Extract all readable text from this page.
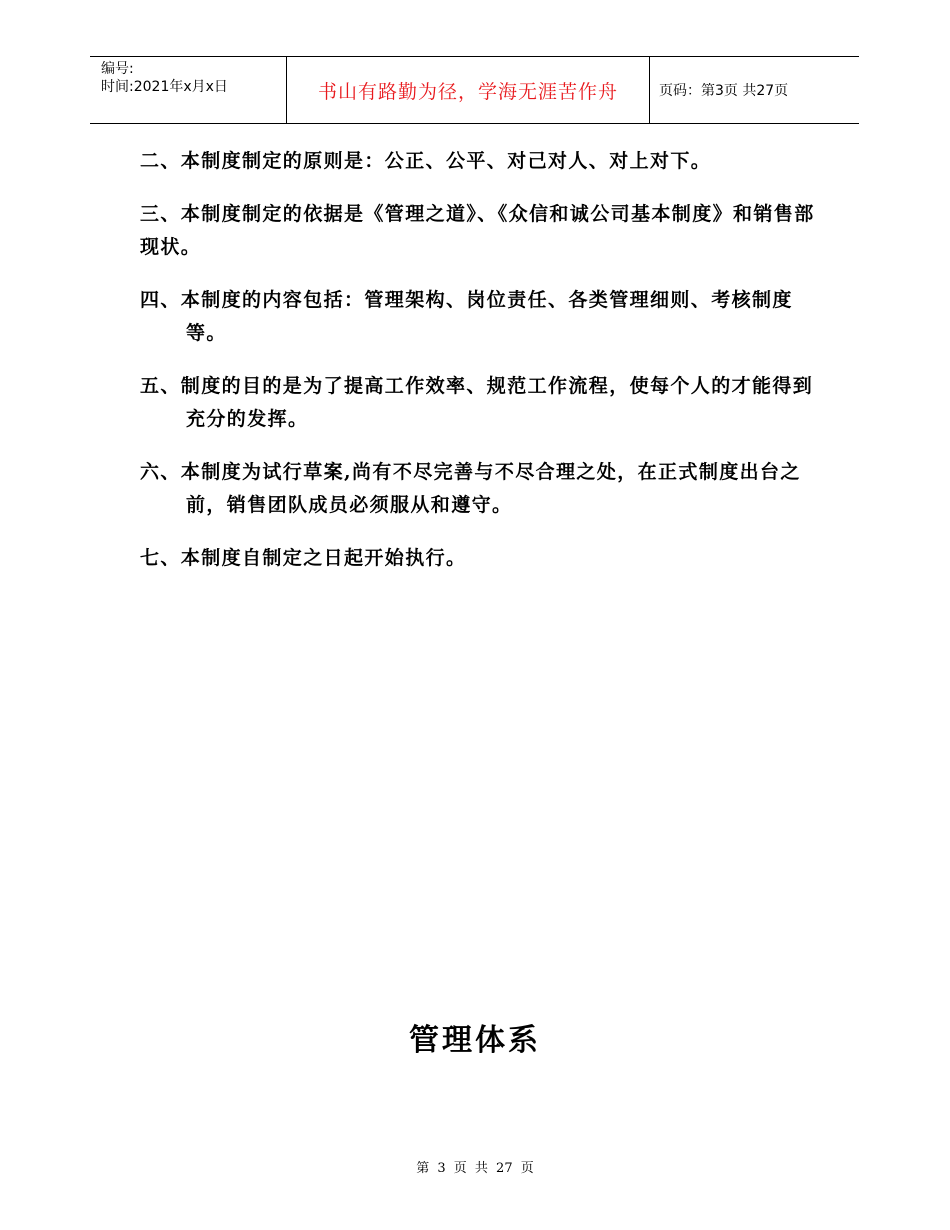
编号:
时间:2021年x月x日	书山有路勤为径，学海无涯苦作舟	页码：第3页 共27页

二、本制度制定的原则是：公正、公平、对己对人、对上对下。

三、本制度制定的依据是《管理之道》、《众信和诚公司基本制度》和销售部现状。

四、本制度的内容包括：管理架构、岗位责任、各类管理细则、考核制度等。

五、制度的目的是为了提高工作效率、规范工作流程，使每个人的才能得到充分的发挥。

六、本制度为试行草案,尚有不尽完善与不尽合理之处，在正式制度出台之前，销售团队成员必须服从和遵守。

七、本制度自制定之日起开始执行。

管理体系
第 3 页 共 27 页
